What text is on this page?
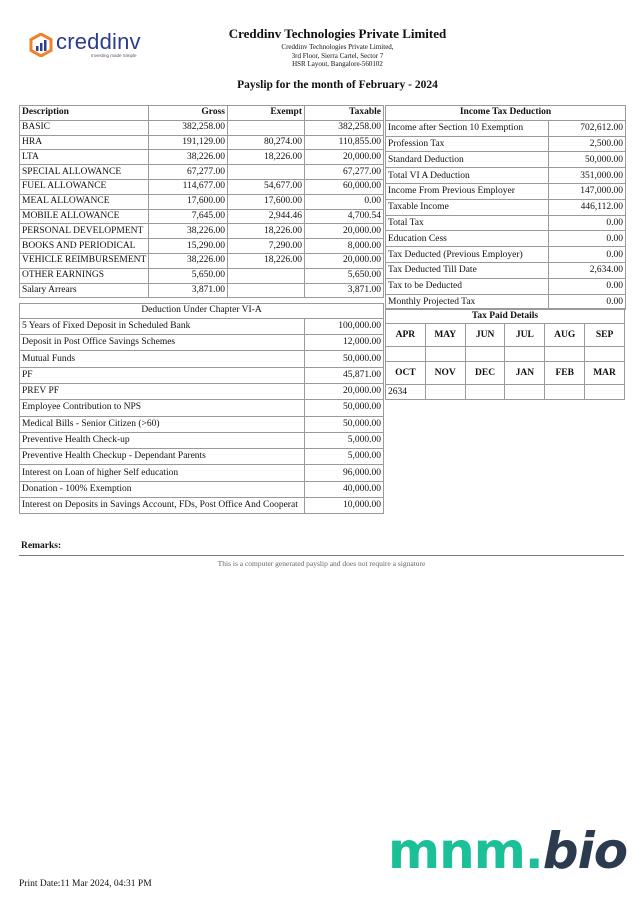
creddinv
Investing made Simple
Creddinv Technologies Private Limited
Creddinv Technologies Private Limited,
3rd Floor, Sierra Cartel, Sector 7
HSR Layout, Bangalore-560102
Payslip for the month of February - 2024
Description	Gross	Exempt	Taxable
BASIC	382,258.00		382,258.00
HRA	191,129.00	80,274.00	110,855.00
LTA	38,226.00	18,226.00	20,000.00
SPECIAL ALLOWANCE	67,277.00		67,277.00
FUEL ALLOWANCE	114,677.00	54,677.00	60,000.00
MEAL ALLOWANCE	17,600.00	17,600.00	0.00
MOBILE ALLOWANCE	7,645.00	2,944.46	4,700.54
PERSONAL DEVELOPMENT	38,226.00	18,226.00	20,000.00
BOOKS AND PERIODICAL	15,290.00	7,290.00	8,000.00
VEHICLE REIMBURSEMENT	38,226.00	18,226.00	20,000.00
OTHER EARNINGS	5,650.00		5,650.00
Salary Arrears	3,871.00		3,871.00
Deduction Under Chapter VI-A	
5 Years of Fixed Deposit in Scheduled Bank	100,000.00
Deposit in Post Office Savings Schemes	12,000.00
Mutual Funds	50,000.00
PF	45,871.00
PREV PF	20,000.00
Employee Contribution to NPS	50,000.00
Medical Bills - Senior Citizen (>60)	50,000.00
Preventive Health Check-up	5,000.00
Preventive Health Checkup - Dependant Parents	5,000.00
Interest on Loan of higher Self education	96,000.00
Donation - 100% Exemption	40,000.00
Interest on Deposits in Savings Account, FDs, Post Office And Cooperat	10,000.00
Income Tax Deduction	
Income after Section 10 Exemption	702,612.00
Profession Tax	2,500.00
Standard Deduction	50,000.00
Total VI A Deduction	351,000.00
Income From Previous Employer	147,000.00
Taxable Income	446,112.00
Total Tax	0.00
Education Cess	0.00
Tax Deducted (Previous Employer)	0.00
Tax Deducted Till Date	2,634.00
Tax to be Deducted	0.00
Monthly Projected Tax	0.00
Tax Paid Details					
APR	MAY	JUN	JUL	AUG	SEP

OCT	NOV	DEC	JAN	FEB	MAR
2634					
Remarks:
This is a computer generated payslip and does not require a signature
Print Date:11 Mar 2024, 04:31 PM
mnm.bio
